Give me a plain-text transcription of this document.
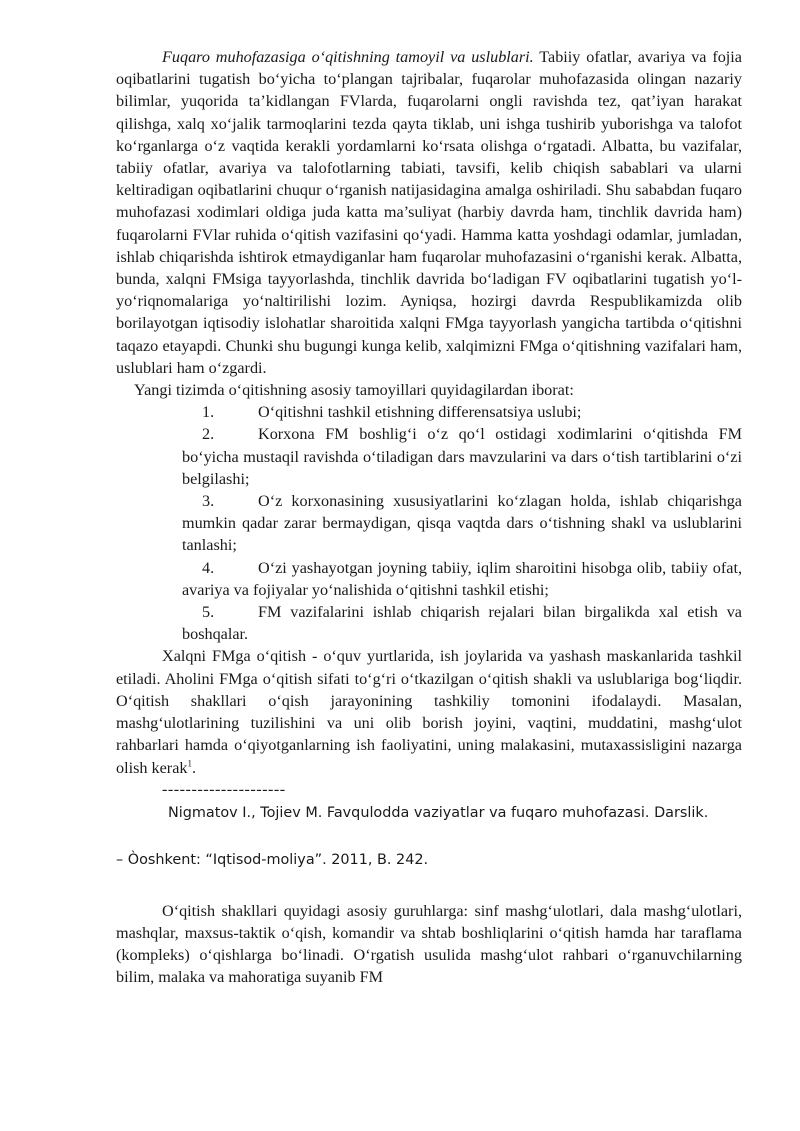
Fuqaro muhofazasiga o‘qitishning tamoyil va uslublari. Tabiiy ofatlar, avariya va fojia oqibatlarini tugatish bo‘yicha to‘plangan tajribalar, fuqarolar muhofazasida olingan nazariy bilimlar, yuqorida ta’kidlangan FVlarda, fuqarolarni ongli ravishda tez, qat’iyan harakat qilishga, xalq xo‘jalik tarmoqlarini tezda qayta tiklab, uni ishga tushirib yuborishga va talofot ko‘rganlarga o‘z vaqtida kerakli yordamlarni ko‘rsata olishga o‘rgatadi. Albatta, bu vazifalar, tabiiy ofatlar, avariya va talofotlarning tabiati, tavsifi, kelib chiqish sabablari va ularni keltiradigan oqibatlarini chuqur o‘rganish natijasidagina amalga oshiriladi. Shu sababdan fuqaro muhofazasi xodimlari oldiga juda katta ma’suliyat (harbiy davrda ham, tinchlik davrida ham) fuqarolarni FVlar ruhida o‘qitish vazifasini qo‘yadi. Hamma katta yoshdagi odamlar, jumladan, ishlab chiqarishda ishtirok etmaydiganlar ham fuqarolar muhofazasini o‘rganishi kerak. Albatta, bunda, xalqni FMsiga tayyorlashda, tinchlik davrida bo‘ladigan FV oqibatlarini tugatish yo‘l-yo‘riqnomalariga yo‘naltirilishi lozim. Ayniqsa, hozirgi davrda Respublikamizda olib borilayotgan iqtisodiy islohatlar sharoitida xalqni FMga tayyorlash yangicha tartibda o‘qitishni taqazo etayapdi. Chunki shu bugungi kunga kelib, xalqimizni FMga o‘qitishning vazifalari ham, uslublari ham o‘zgardi.

Yangi tizimda o‘qitishning asosiy tamoyillari quyidagilardan iborat:

1.	O‘qitishni tashkil etishning differensatsiya uslubi;
2.	Korxona FM boshlig‘i o‘z qo‘l ostidagi xodimlarini o‘qitishda FM bo‘yicha mustaqil ravishda o‘tiladigan dars mavzularini va dars o‘tish tartiblarini o‘zi belgilashi;
3.	O‘z korxonasining xususiyatlarini ko‘zlagan holda, ishlab chiqarishga mumkin qadar zarar bermaydigan, qisqa vaqtda dars o‘tishning shakl va uslublarini tanlashi;
4.	O‘zi yashayotgan joyning tabiiy, iqlim sharoitini hisobga olib, tabiiy ofat, avariya va fojiyalar yo‘nalishida o‘qitishni tashkil etishi;
5.	FM vazifalarini ishlab chiqarish rejalari bilan birgalikda xal etish va boshqalar.

Xalqni FMga o‘qitish - o‘quv yurtlarida, ish joylarida va yashash maskanlarida tashkil etiladi. Aholini FMga o‘qitish sifati to‘g‘ri o‘tkazilgan o‘qitish shakli va uslublariga bog‘liqdir. O‘qitish shakllari o‘qish jarayonining tashkiliy tomonini ifodalaydi. Masalan, mashg‘ulotlarining tuzilishini va uni olib borish joyini, vaqtini, muddatini, mashg‘ulot rahbarlari hamda o‘qiyotganlarning ish faoliyatini, uning malakasini, mutaxassisligini nazarga olish kerak$^1$.

---------------------
Nigmatov I., Tojiev M. Favqulodda vaziyatlar va fuqaro muhofazasi. Darslik.
– Òoshkent: “Iqtisod-moliya”. 2011, B. 242.

O‘qitish shakllari quyidagi asosiy guruhlarga: sinf mashg‘ulotlari, dala mashg‘ulotlari, mashqlar, maxsus-taktik o‘qish, komandir va shtab boshliqlarini o‘qitish hamda har taraflama (kompleks) o‘qishlarga bo‘linadi. O‘rgatish usulida mashg‘ulot rahbari o‘rganuvchilarning bilim, malaka va mahoratiga suyanib FM
